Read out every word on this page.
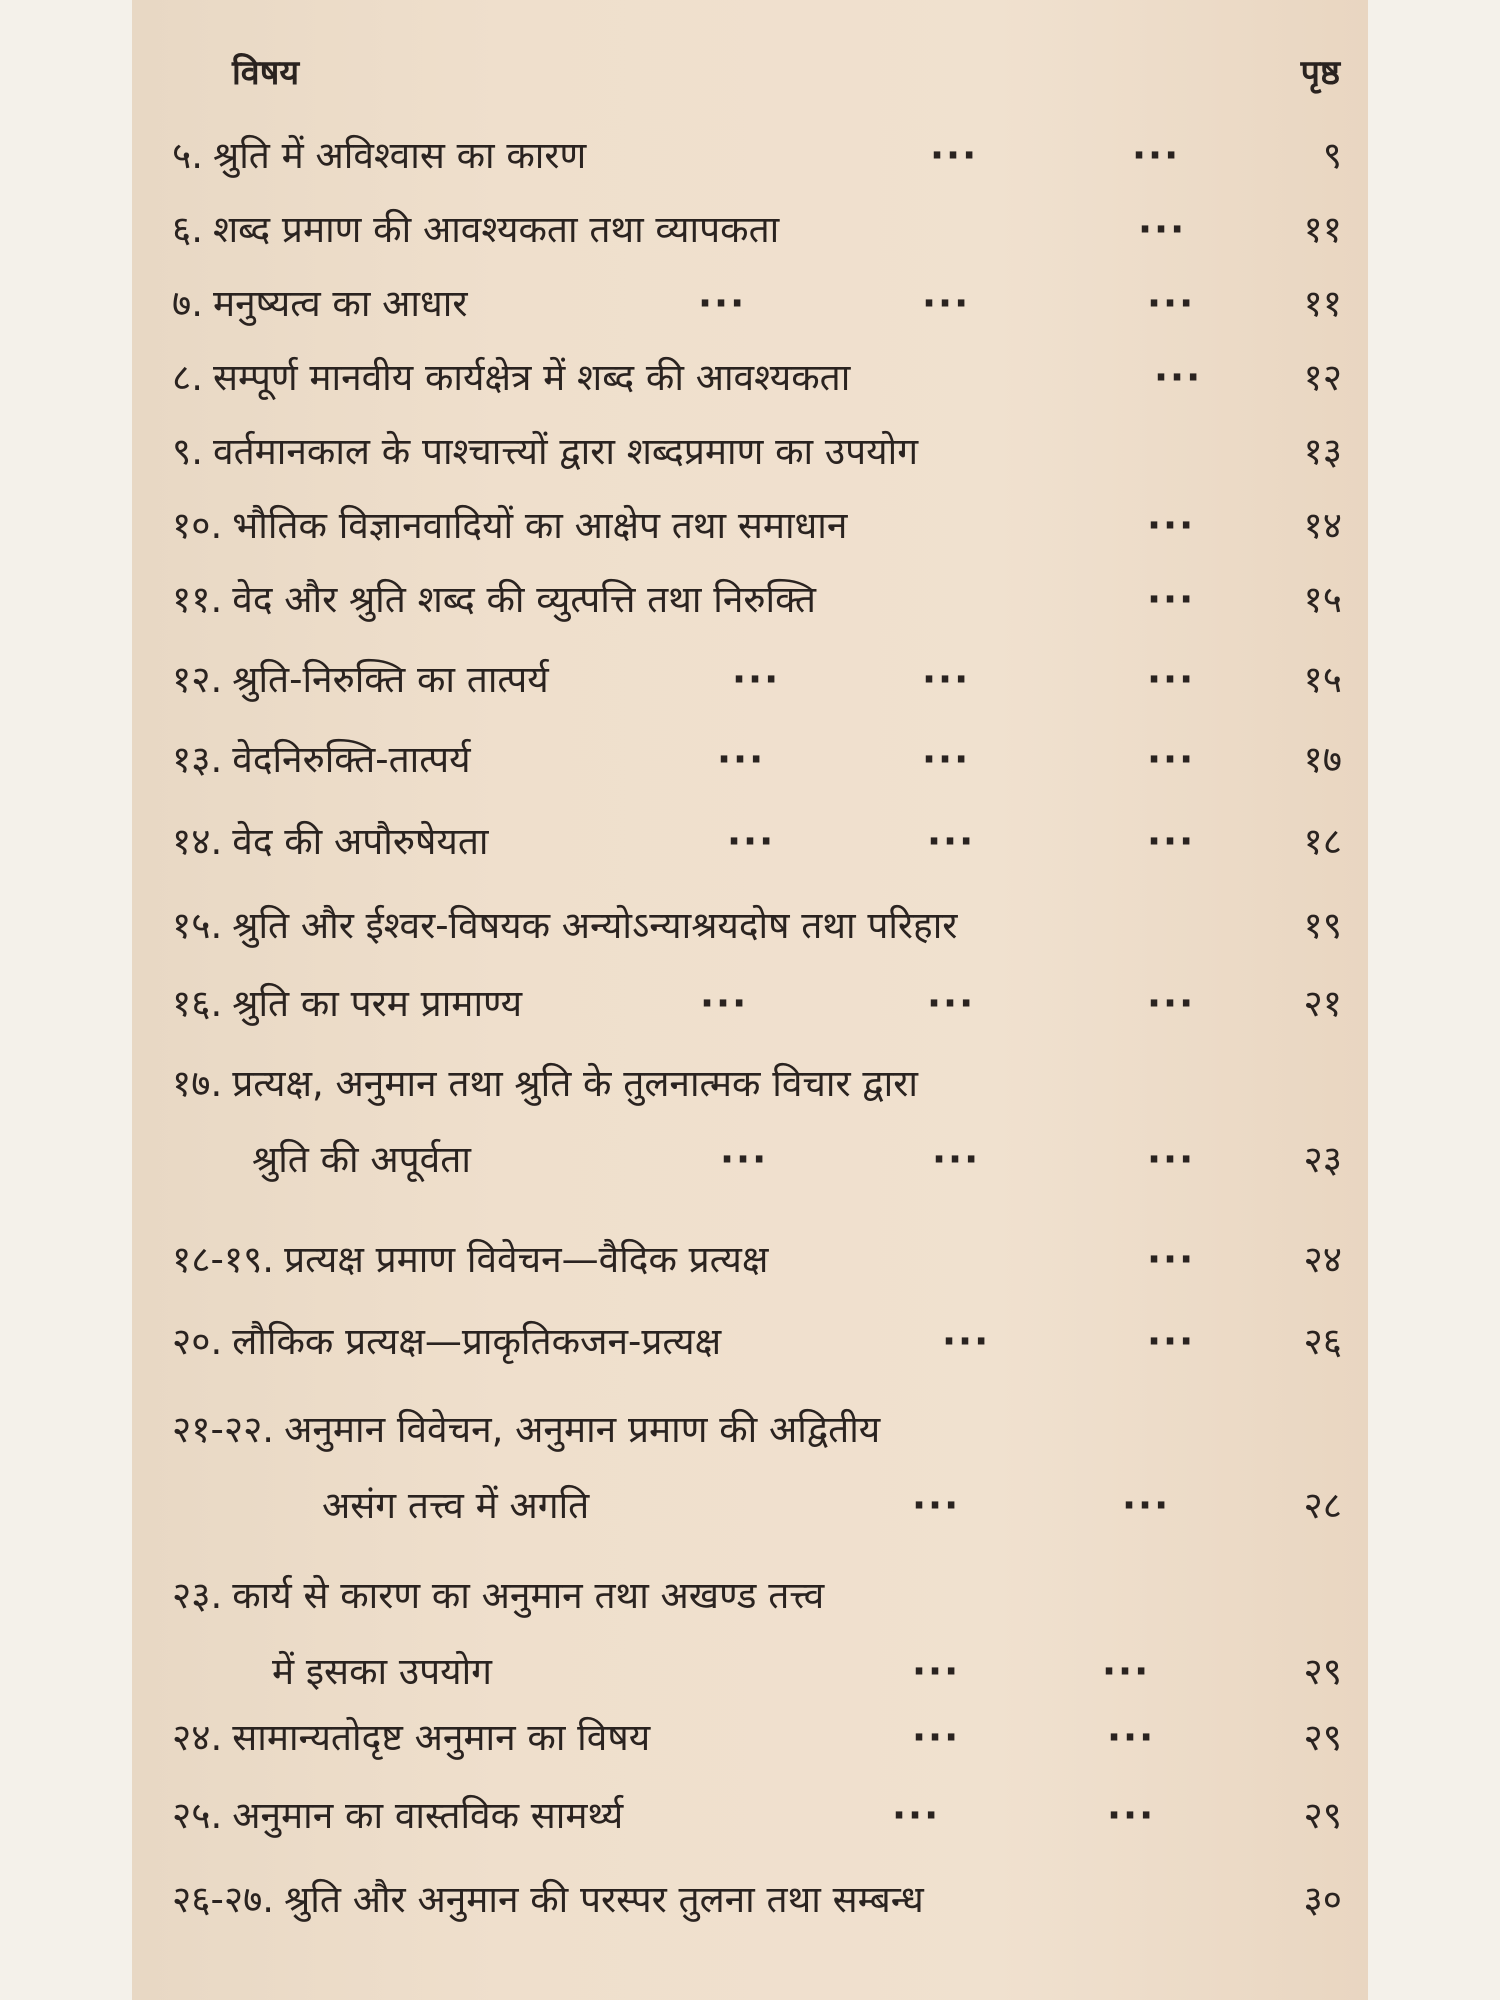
विषय	पृष्ठ
५. श्रुति में अविश्वास का कारण	···	···	९
६. शब्द प्रमाण की आवश्यकता तथा व्यापकता	···	११
७. मनुष्यत्व का आधार	···	···	···	११
८. सम्पूर्ण मानवीय कार्यक्षेत्र में शब्द की आवश्यकता	···	१२
९. वर्तमानकाल के पाश्चात्त्यों द्वारा शब्दप्रमाण का उपयोग	१३
१०. भौतिक विज्ञानवादियों का आक्षेप तथा समाधान	···	१४
११. वेद और श्रुति शब्द की व्युत्पत्ति तथा निरुक्ति	···	१५
१२. श्रुति-निरुक्ति का तात्पर्य	···	···	···	१५
१३. वेदनिरुक्ति-तात्पर्य	···	···	···	१७
१४. वेद की अपौरुषेयता	···	···	···	१८
१५. श्रुति और ईश्वर-विषयक अन्योऽन्याश्रयदोष तथा परिहार	१९
१६. श्रुति का परम प्रामाण्य	···	···	···	२१
१७. प्रत्यक्ष, अनुमान तथा श्रुति के तुलनात्मक विचार द्वारा
श्रुति की अपूर्वता	···	···	···	२३
१८-१९. प्रत्यक्ष प्रमाण विवेचन—वैदिक प्रत्यक्ष	···	२४
२०. लौकिक प्रत्यक्ष—प्राकृतिकजन-प्रत्यक्ष	···	···	२६
२१-२२. अनुमान विवेचन, अनुमान प्रमाण की अद्वितीय
असंग तत्त्व में अगति	···	···	२८
२३. कार्य से कारण का अनुमान तथा अखण्ड तत्त्व
में इसका उपयोग	···	···	२९
२४. सामान्यतोदृष्ट अनुमान का विषय	···	···	२९
२५. अनुमान का वास्तविक सामर्थ्य	···	···	२९
२६-२७. श्रुति और अनुमान की परस्पर तुलना तथा सम्बन्ध	३०
